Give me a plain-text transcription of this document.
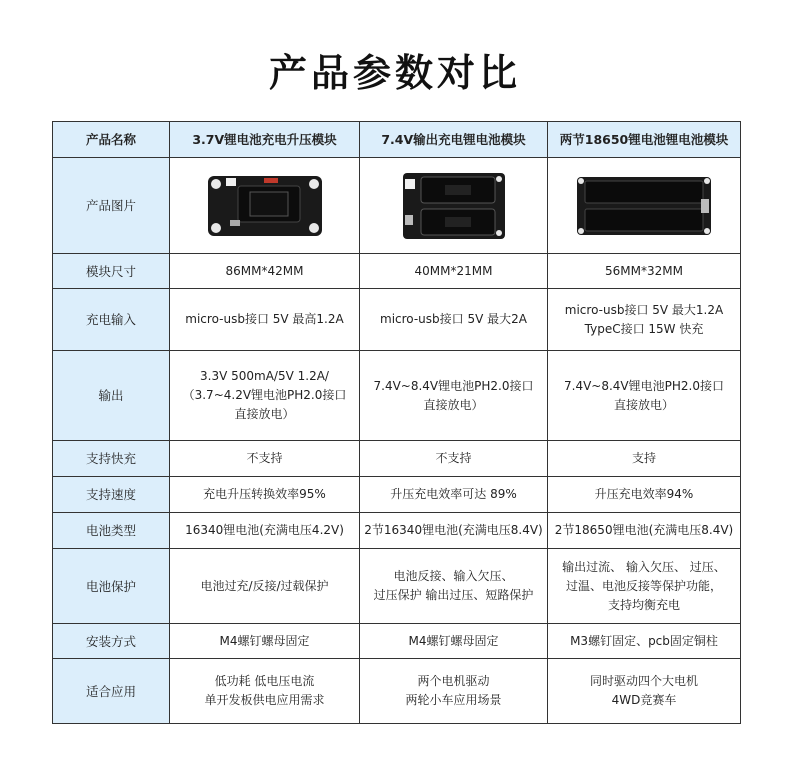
产品参数对比
产品名称	3.7V锂电池充电升压模块	7.4V输出充电锂电池模块	两节18650锂电池锂电池模块
产品图片	

模块尺寸	86MM*42MM	40MM*21MM	56MM*32MM

充电输入	micro-usb接口 5V 最高1.2A	micro-usb接口 5V 最大2A	micro-usb接口 5V 最大1.2A
TypeC接口 15W 快充

输出	3.3V 500mA/5V 1.2A/
（3.7~4.2V锂电池PH2.0接口
直接放电）	7.4V~8.4V锂电池PH2.0接口
直接放电）	7.4V~8.4V锂电池PH2.0接口
直接放电）

支持快充	不支持	不支持	支持

支持速度	充电升压转换效率95%	升压充电效率可达 89%	升压充电效率94%

电池类型	16340锂电池(充满电压4.2V)	2节16340锂电池(充满电压8.4V)	2节18650锂电池(充满电压8.4V)

电池保护	电池过充/反接/过载保护	电池反接、输入欠压、
过压保护 输出过压、短路保护	输出过流、 输入欠压、 过压、
过温、电池反接等保护功能，
支持均衡充电

安装方式	M4螺钉螺母固定	M4螺钉螺母固定	M3螺钉固定、pcb固定铜柱

适合应用	低功耗 低电压电流
单开发板供电应用需求	两个电机驱动
两轮小车应用场景	同时驱动四个大电机
4WD竞赛车
